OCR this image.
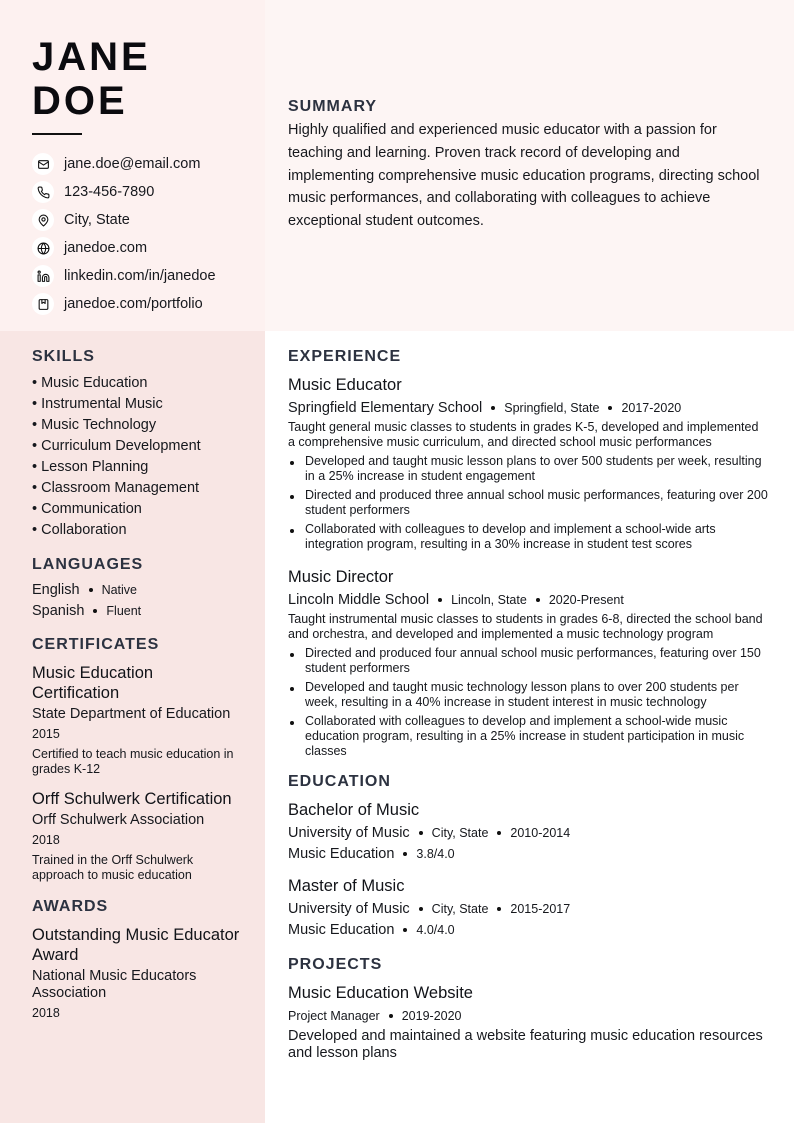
JANE
DOE
jane.doe@email.com
123-456-7890
City, State
janedoe.com
linkedin.com/in/janedoe
janedoe.com/portfolio
SUMMARY

Highly qualified and experienced music educator with a passion for teaching and learning. Proven track record of developing and implementing comprehensive music education programs, directing school music performances, and collaborating with colleagues to achieve exceptional student outcomes.

SKILLS
• Music Education
• Instrumental Music
• Music Technology
• Curriculum Development
• Lesson Planning
• Classroom Management
• Communication
• Collaboration
LANGUAGES
English Native
Spanish Fluent
CERTIFICATES
Music Education Certification
State Department of Education
2015
Certified to teach music education in grades K-12
Orff Schulwerk Certification
Orff Schulwerk Association
2018
Trained in the Orff Schulwerk approach to music education
AWARDS
Outstanding Music Educator Award
National Music Educators Association
2018
EXPERIENCE
Music Educator
Springfield Elementary School Springfield, State 2017-2020
Taught general music classes to students in grades K-5, developed and implemented a comprehensive music curriculum, and directed school music performances
Developed and taught music lesson plans to over 500 students per week, resulting in a 25% increase in student engagement
Directed and produced three annual school music performances, featuring over 200 student performers
Collaborated with colleagues to develop and implement a school-wide arts integration program, resulting in a 30% increase in student test scores
Music Director
Lincoln Middle School Lincoln, State 2020-Present
Taught instrumental music classes to students in grades 6-8, directed the school band and orchestra, and developed and implemented a music technology program
Directed and produced four annual school music performances, featuring over 150 student performers
Developed and taught music technology lesson plans to over 200 students per week, resulting in a 40% increase in student interest in music technology
Collaborated with colleagues to develop and implement a school-wide music education program, resulting in a 25% increase in student participation in music classes
EDUCATION
Bachelor of Music
University of Music City, State 2010-2014
Music Education 3.8/4.0
Master of Music
University of Music City, State 2015-2017
Music Education 4.0/4.0
PROJECTS
Music Education Website
Project Manager 2019-2020
Developed and maintained a website featuring music education resources and lesson plans
